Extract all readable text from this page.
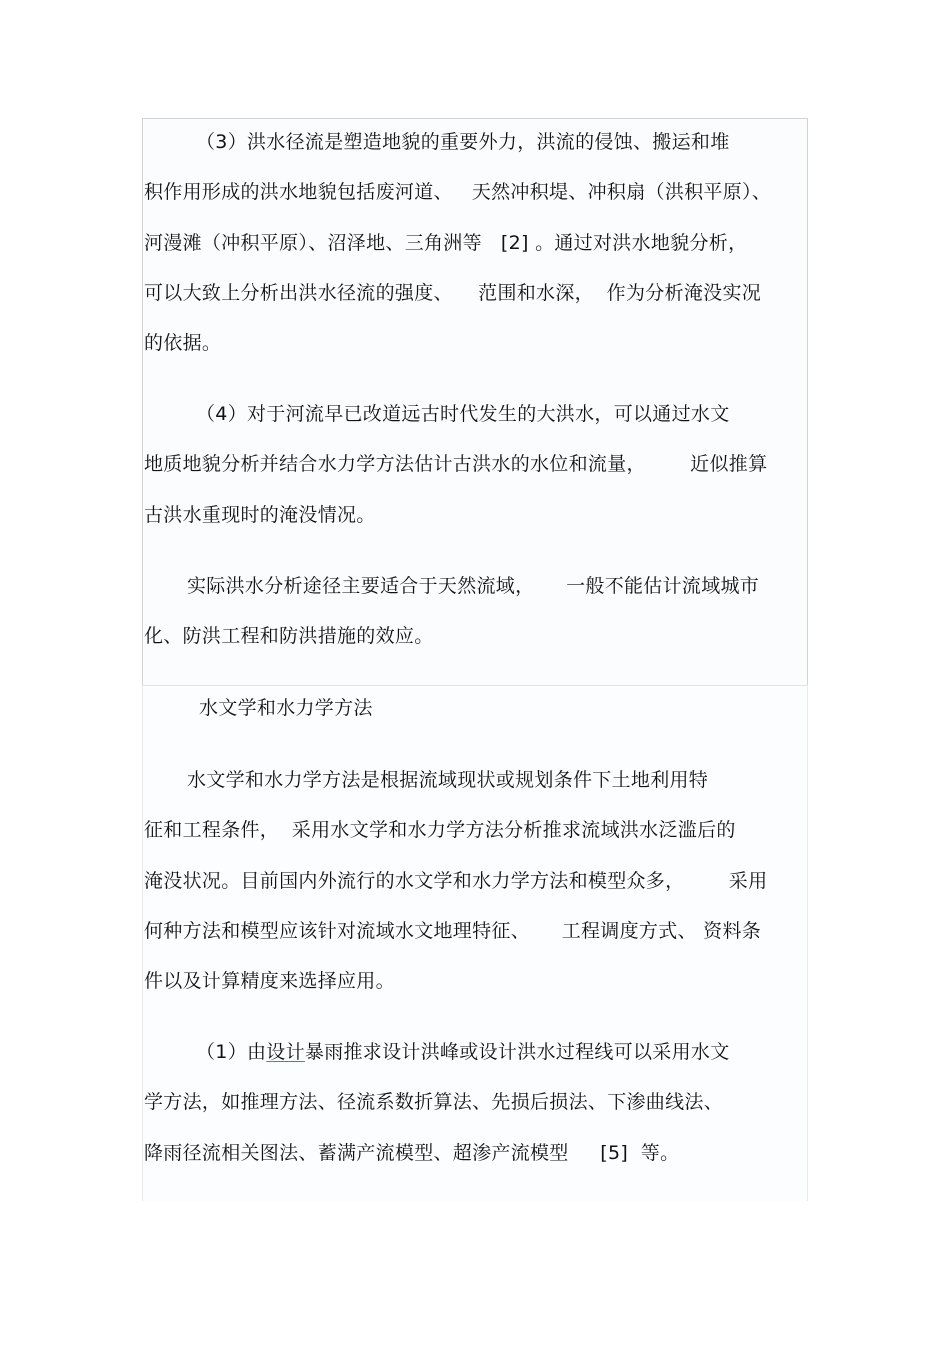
（3）洪水径流是塑造地貌的重要外力，洪流的侵蚀、搬运和堆
积作用形成的洪水地貌包括废河道、   天然冲积堤、冲积扇（洪积平原）、
河漫滩（冲积平原）、沼泽地、三角洲等   [2] 。通过对洪水地貌分析，
可以大致上分析出洪水径流的强度、    范围和水深，  作为分析淹没实况
的依据。
（4）对于河流早已改道远古时代发生的大洪水，可以通过水文
地质地貌分析并结合水力学方法估计古洪水的水位和流量，       近似推算
古洪水重现时的淹没情况。
实际洪水分析途径主要适合于天然流域，     一般不能估计流域城市
化、防洪工程和防洪措施的效应。
水文学和水力学方法
水文学和水力学方法是根据流域现状或规划条件下土地利用特
征和工程条件，  采用水文学和水力学方法分析推求流域洪水泛滥后的
淹没状况。目前国内外流行的水文学和水力学方法和模型众多，       采用
何种方法和模型应该针对流域水文地理特征、     工程调度方式、 资料条
件以及计算精度来选择应用。
（1）由设计暴雨推求设计洪峰或设计洪水过程线可以采用水文
学方法，如推理方法、径流系数折算法、先损后损法、下渗曲线法、
降雨径流相关图法、蓄满产流模型、超渗产流模型     [5]  等。
